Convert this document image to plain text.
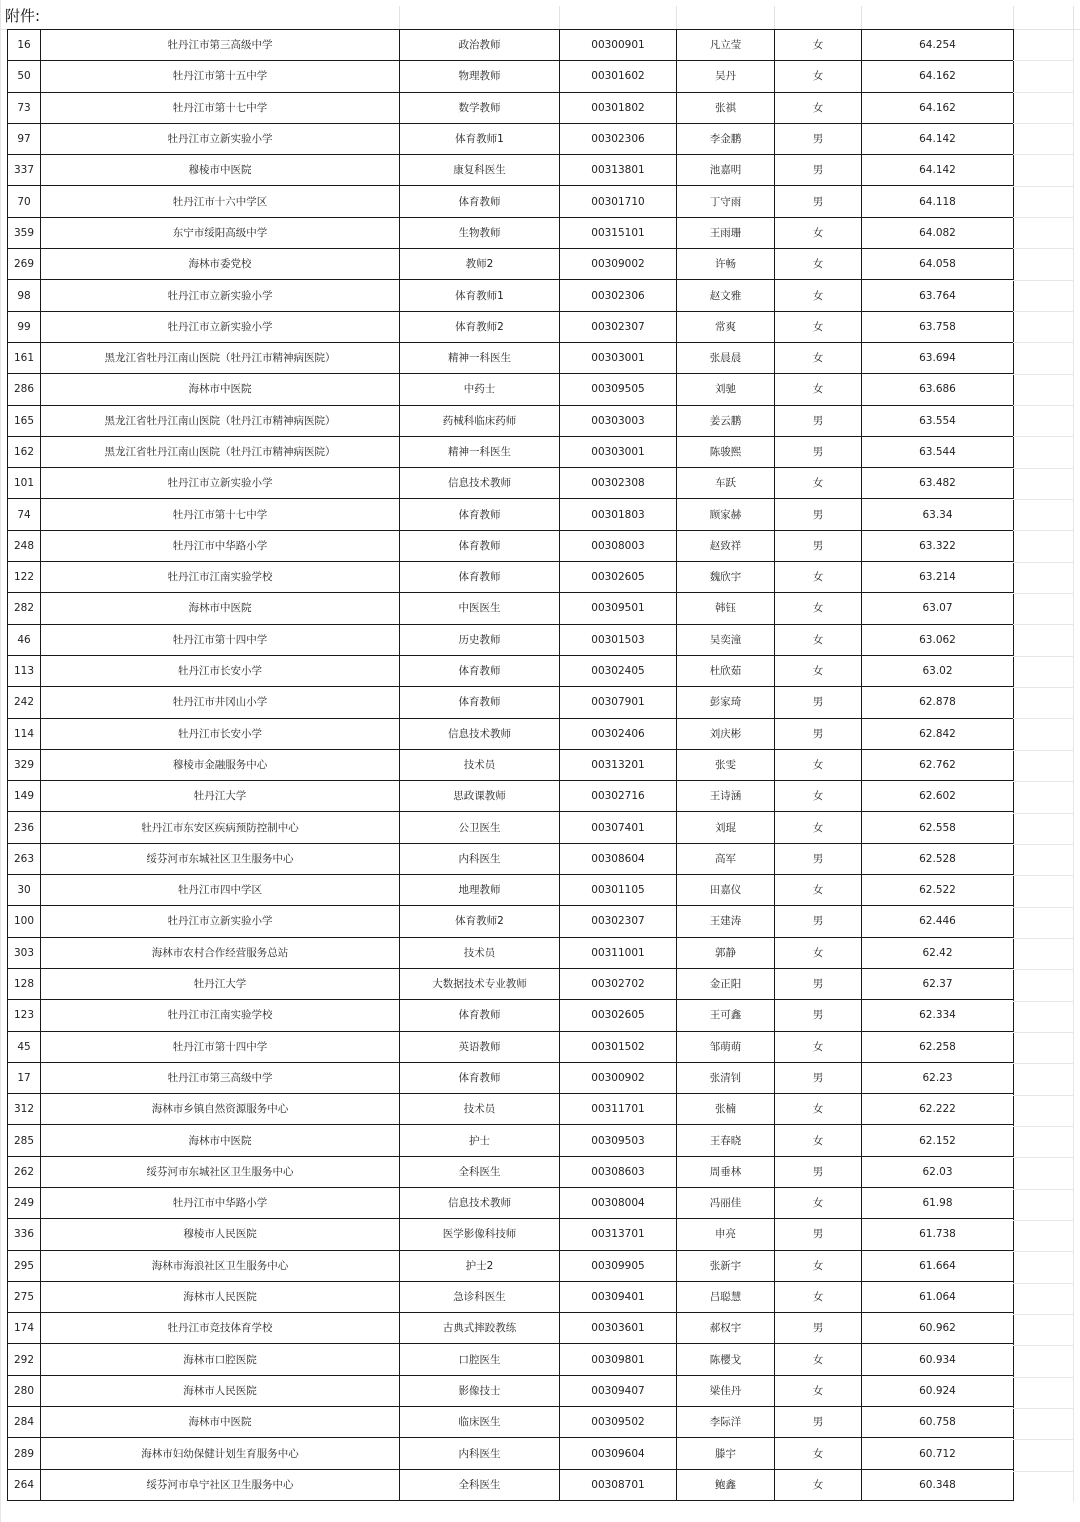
附件:
16	牡丹江市第三高级中学	政治教师	00300901	凡立莹	女	64.254
50	牡丹江市第十五中学	物理教师	00301602	吴丹	女	64.162
73	牡丹江市第十七中学	数学教师	00301802	张祺	女	64.162
97	牡丹江市立新实验小学	体育教师1	00302306	李金鹏	男	64.142
337	穆棱市中医院	康复科医生	00313801	池嘉明	男	64.142
70	牡丹江市十六中学区	体育教师	00301710	丁守雨	男	64.118
359	东宁市绥阳高级中学	生物教师	00315101	王雨珊	女	64.082
269	海林市委党校	教师2	00309002	许畅	女	64.058
98	牡丹江市立新实验小学	体育教师1	00302306	赵文雅	女	63.764
99	牡丹江市立新实验小学	体育教师2	00302307	常爽	女	63.758
161	黑龙江省牡丹江南山医院（牡丹江市精神病医院）	精神一科医生	00303001	张晨晨	女	63.694
286	海林市中医院	中药士	00309505	刘驰	女	63.686
165	黑龙江省牡丹江南山医院（牡丹江市精神病医院）	药械科临床药师	00303003	姜云鹏	男	63.554
162	黑龙江省牡丹江南山医院（牡丹江市精神病医院）	精神一科医生	00303001	陈骏熙	男	63.544
101	牡丹江市立新实验小学	信息技术教师	00302308	车跃	女	63.482
74	牡丹江市第十七中学	体育教师	00301803	顾家赫	男	63.34
248	牡丹江市中华路小学	体育教师	00308003	赵致祥	男	63.322
122	牡丹江市江南实验学校	体育教师	00302605	魏欣宇	女	63.214
282	海林市中医院	中医医生	00309501	韩钰	女	63.07
46	牡丹江市第十四中学	历史教师	00301503	吴奕潼	女	63.062
113	牡丹江市长安小学	体育教师	00302405	杜欣茹	女	63.02
242	牡丹江市井冈山小学	体育教师	00307901	彭家琦	男	62.878
114	牡丹江市长安小学	信息技术教师	00302406	刘庆彬	男	62.842
329	穆棱市金融服务中心	技术员	00313201	张雯	女	62.762
149	牡丹江大学	思政课教师	00302716	王诗涵	女	62.602
236	牡丹江市东安区疾病预防控制中心	公卫医生	00307401	刘琨	女	62.558
263	绥芬河市东城社区卫生服务中心	内科医生	00308604	高军	男	62.528
30	牡丹江市四中学区	地理教师	00301105	田嘉仪	女	62.522
100	牡丹江市立新实验小学	体育教师2	00302307	王建涛	男	62.446
303	海林市农村合作经营服务总站	技术员	00311001	郭静	女	62.42
128	牡丹江大学	大数据技术专业教师	00302702	金正阳	男	62.37
123	牡丹江市江南实验学校	体育教师	00302605	王可鑫	男	62.334
45	牡丹江市第十四中学	英语教师	00301502	邹萌萌	女	62.258
17	牡丹江市第三高级中学	体育教师	00300902	张清钊	男	62.23
312	海林市乡镇自然资源服务中心	技术员	00311701	张楠	女	62.222
285	海林市中医院	护士	00309503	王春晓	女	62.152
262	绥芬河市东城社区卫生服务中心	全科医生	00308603	周垂林	男	62.03
249	牡丹江市中华路小学	信息技术教师	00308004	冯丽佳	女	61.98
336	穆棱市人民医院	医学影像科技师	00313701	申亮	男	61.738
295	海林市海浪社区卫生服务中心	护士2	00309905	张新宇	女	61.664
275	海林市人民医院	急诊科医生	00309401	吕聪慧	女	61.064
174	牡丹江市竞技体育学校	古典式摔跤教练	00303601	郝权宇	男	60.962
292	海林市口腔医院	口腔医生	00309801	陈樱戈	女	60.934
280	海林市人民医院	影像技士	00309407	梁佳丹	女	60.924
284	海林市中医院	临床医生	00309502	李际洋	男	60.758
289	海林市妇幼保健计划生育服务中心	内科医生	00309604	滕宇	女	60.712
264	绥芬河市阜宁社区卫生服务中心	全科医生	00308701	鲍鑫	女	60.348
